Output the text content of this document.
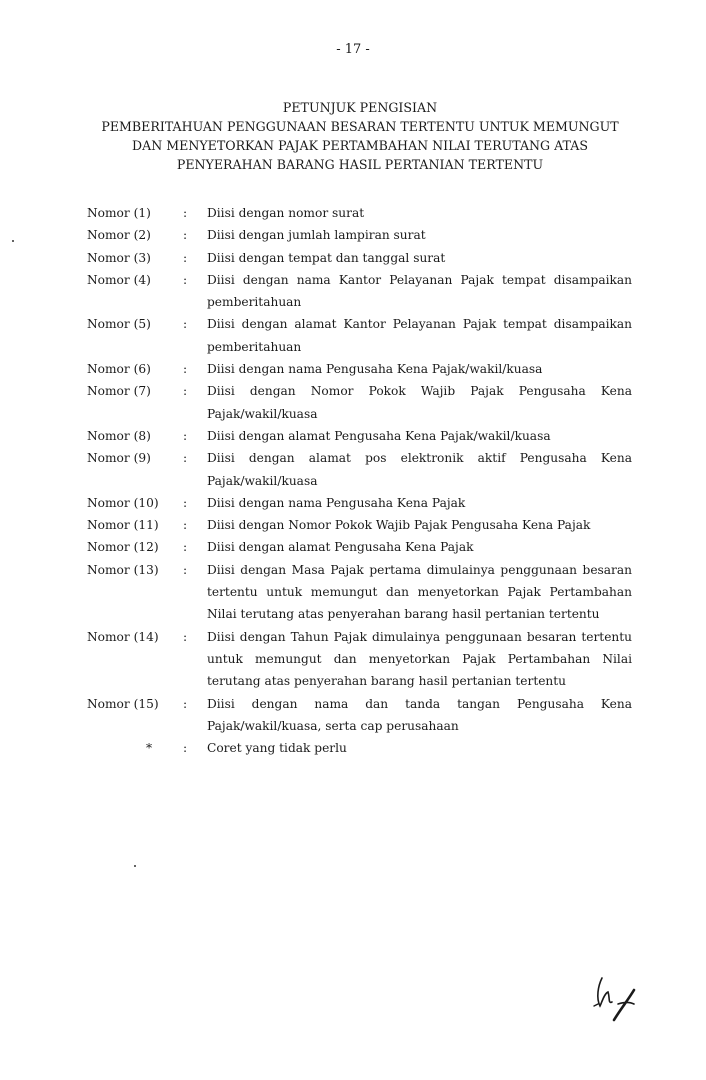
- 17 -
PETUNJUK PENGISIAN
PEMBERITAHUAN PENGGUNAAN BESARAN TERTENTU UNTUK MEMUNGUT
DAN MENYETORKAN PAJAK PERTAMBAHAN NILAI TERUTANG ATAS
PENYERAHAN BARANG HASIL PERTANIAN TERTENTU
Nomor (1)	:	Diisi dengan nomor surat
Nomor (2)	:	Diisi dengan jumlah lampiran surat
Nomor (3)	:	Diisi dengan tempat dan tanggal surat
Nomor (4)	:	Diisi dengan nama Kantor Pelayanan Pajak tempat disampaikan pemberitahuan
Nomor (5)	:	Diisi dengan alamat Kantor Pelayanan Pajak tempat disampaikan pemberitahuan
Nomor (6)	:	Diisi dengan nama Pengusaha Kena Pajak/wakil/kuasa
Nomor (7)	:	Diisi dengan Nomor Pokok Wajib Pajak Pengusaha Kena Pajak/wakil/kuasa
Nomor (8)	:	Diisi dengan alamat Pengusaha Kena Pajak/wakil/kuasa
Nomor (9)	:	Diisi dengan alamat pos elektronik aktif Pengusaha Kena Pajak/wakil/kuasa
Nomor (10)	:	Diisi dengan nama Pengusaha Kena Pajak
Nomor (11)	:	Diisi dengan Nomor Pokok Wajib Pajak Pengusaha Kena Pajak
Nomor (12)	:	Diisi dengan alamat Pengusaha Kena Pajak
Nomor (13)	:	Diisi dengan Masa Pajak pertama dimulainya penggunaan besaran tertentu untuk memungut dan menyetorkan Pajak Pertambahan Nilai terutang atas penyerahan barang hasil pertanian tertentu
Nomor (14)	:	Diisi dengan Tahun Pajak dimulainya penggunaan besaran tertentu untuk memungut dan menyetorkan Pajak Pertambahan Nilai terutang atas penyerahan barang hasil pertanian tertentu
Nomor (15)	:	Diisi dengan nama dan tanda tangan Pengusaha Kena Pajak/wakil/kuasa, serta cap perusahaan
*	:	Coret yang tidak perlu
